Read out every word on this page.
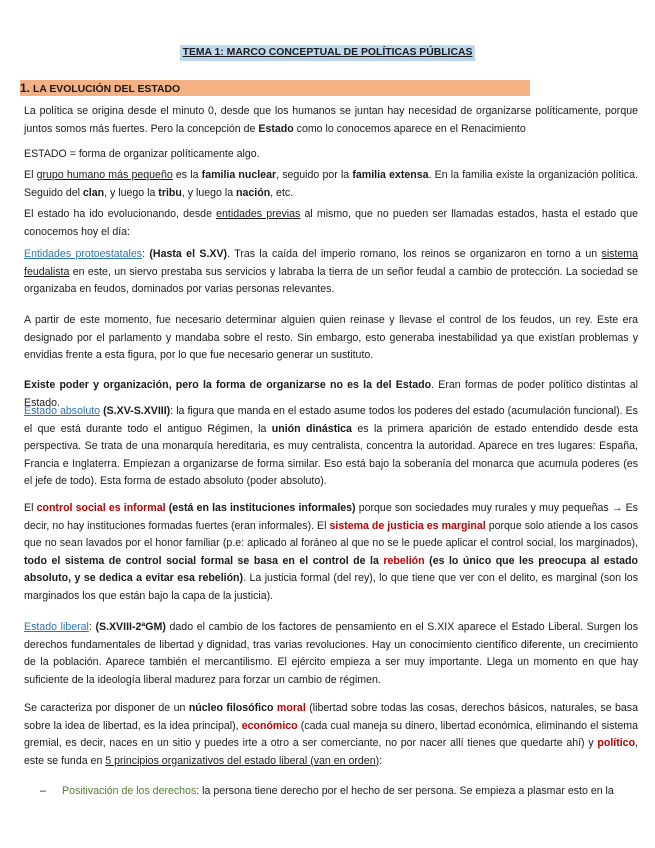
TEMA 1: MARCO CONCEPTUAL DE POLÍTICAS PÚBLICAS
1. LA EVOLUCIÓN DEL ESTADO

La política se origina desde el minuto 0, desde que los humanos se juntan hay necesidad de organizarse políticamente, porque juntos somos más fuertes. Pero la concepción de Estado como lo conocemos aparece en el Renacimiento

ESTADO = forma de organizar políticamente algo.

El grupo humano más pequeño es la familia nuclear, seguido por la familia extensa. En la familia existe la organización política. Seguido del clan, y luego la tribu, y luego la nación, etc.

El estado ha ido evolucionando, desde entidades previas al mismo, que no pueden ser llamadas estados, hasta el estado que conocemos hoy el día:

Entidades protoestatales: (Hasta el S.XV). Tras la caída del imperio romano, los reinos se organizaron en torno a un sistema feudalista en este, un siervo prestaba sus servicios y labraba la tierra de un señor feudal a cambio de protección. La sociedad se organizaba en feudos, dominados por varias personas relevantes.

A partir de este momento, fue necesario determinar alguien quien reinase y llevase el control de los feudos, un rey. Este era designado por el parlamento y mandaba sobre el resto. Sin embargo, esto generaba inestabilidad ya que existían problemas y envidias frente a esta figura, por lo que fue necesario generar un sustituto.

Existe poder y organización, pero la forma de organizarse no es la del Estado. Eran formas de poder político distintas al Estado.

Estado absoluto (S.XV-S.XVIII): la figura que manda en el estado asume todos los poderes del estado (acumulación funcional). Es el que está durante todo el antiguo Régimen, la unión dinástica es la primera aparición de estado entendido desde esta perspectiva. Se trata de una monarquía hereditaria, es muy centralista, concentra la autoridad. Aparece en tres lugares: España, Francia e Inglaterra. Empiezan a organizarse de forma similar. Eso está bajo la soberanía del monarca que acumula poderes (es el jefe de todo). Esta forma de estado absoluto (poder absoluto).

El control social es informal (está en las instituciones informales) porque son sociedades muy rurales y muy pequeñas → Es decir, no hay instituciones formadas fuertes (eran informales). El sistema de justicia es marginal porque solo atiende a los casos que no sean lavados por el honor familiar (p.e: aplicado al foráneo al que no se le puede aplicar el control social, los marginados), todo el sistema de control social formal se basa en el control de la rebelión (es lo único que les preocupa al estado absoluto, y se dedica a evitar esa rebelión). La justicia formal (del rey), lo que tiene que ver con el delito, es marginal (son los marginados los que están bajo la capa de la justicia).

Estado liberal: (S.XVIII-2ªGM) dado el cambio de los factores de pensamiento en el S.XIX aparece el Estado Liberal. Surgen los derechos fundamentales de libertad y dignidad, tras varias revoluciones. Hay un conocimiento científico diferente, un crecimiento de la población. Aparece también el mercantilismo. El ejército empieza a ser muy importante. Llega un momento en que hay suficiente de la ideología liberal madurez para forzar un cambio de régimen.

Se caracteriza por disponer de un núcleo filosófico moral (libertad sobre todas las cosas, derechos básicos, naturales, se basa sobre la idea de libertad, es la idea principal), económico (cada cual maneja su dinero, libertad económica, eliminando el sistema gremial, es decir, naces en un sitio y puedes irte a otro a ser comerciante, no por nacer allí tienes que quedarte ahí) y político, este se funda en 5 principios organizativos del estado liberal (van en orden):

– Positivación de los derechos: la persona tiene derecho por el hecho de ser persona. Se empieza a plasmar esto en la
